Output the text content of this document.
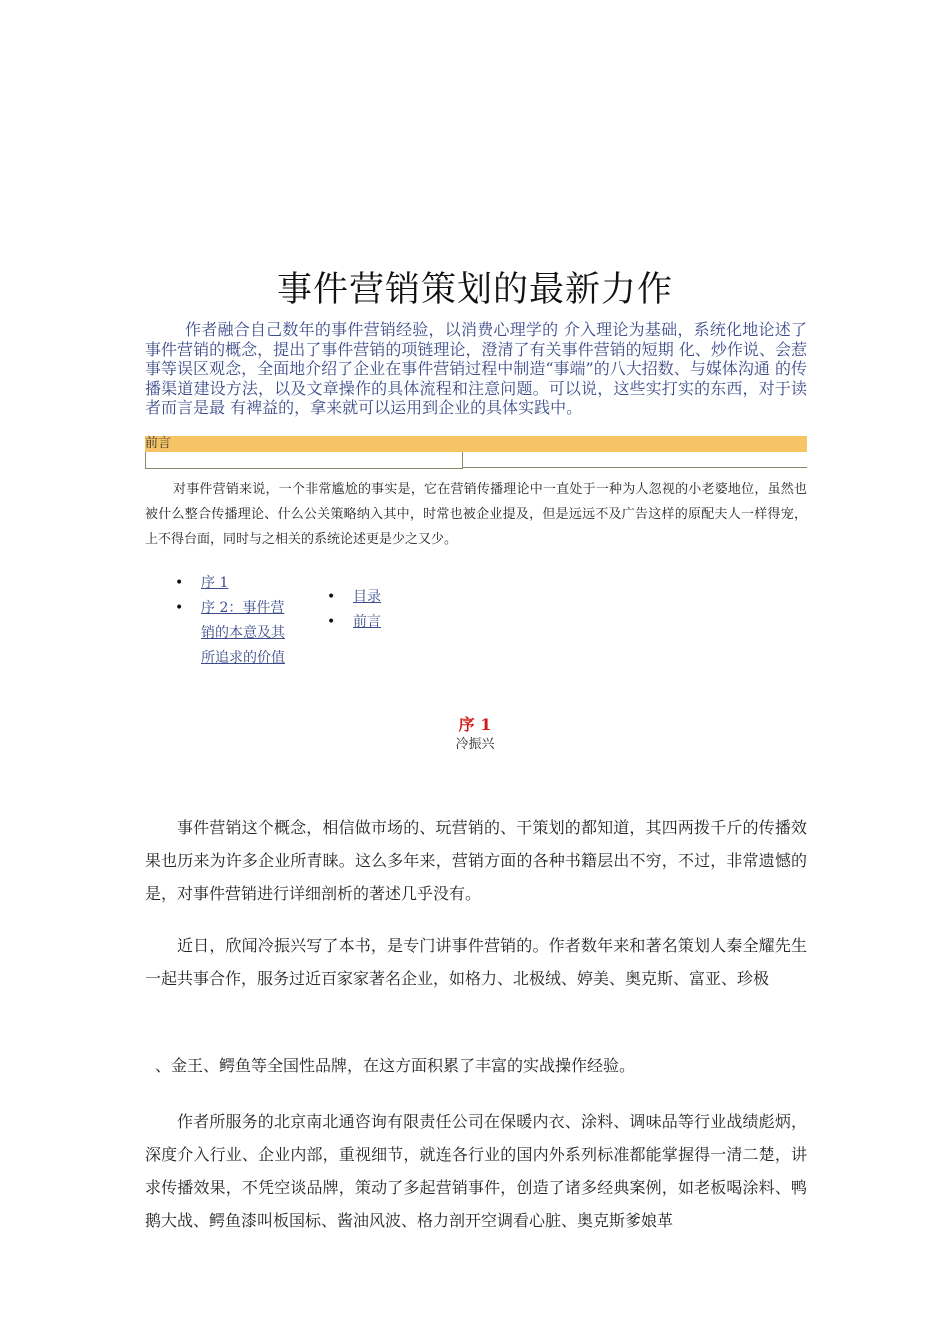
事件营销策划的最新力作
作者融合自己数年的事件营销经验，以消费心理学的 介入理论为基础，系统化地论述了事件营销的概念，提出了事件营销的项链理论，澄清了有关事件营销的短期 化、炒作说、会惹事等误区观念，全面地介绍了企业在事件营销过程中制造“事端”的八大招数、与媒体沟通 的传播渠道建设方法，以及文章操作的具体流程和注意问题。可以说，这些实打实的东西，对于读者而言是最 有裨益的，拿来就可以运用到企业的具体实践中。
前言
对事件营销来说，一个非常尴尬的事实是，它在营销传播理论中一直处于一种为人忽视的小老婆地位，虽然也被什么整合传播理论、什么公关策略纳入其中，时常也被企业提及，但是远远不及广告这样的原配夫人一样得宠，上不得台面，同时与之相关的系统论述更是少之又少。
• 序 1
• 序 2：事件营销的本意及其所追求的价值
• 目录
• 前言
序 1
冷振兴
事件营销这个概念，相信做市场的、玩营销的、干策划的都知道，其四两拨千斤的传播效果也历来为许多企业所青睐。这么多年来，营销方面的各种书籍层出不穷，不过，非常遗憾的是，对事件营销进行详细剖析的著述几乎没有。
近日，欣闻冷振兴写了本书，是专门讲事件营销的。作者数年来和著名策划人秦全耀先生一起共事合作，服务过近百家家著名企业，如格力、北极绒、婷美、奥克斯、富亚、珍极
、金王、鳄鱼等全国性品牌，在这方面积累了丰富的实战操作经验。
作者所服务的北京南北通咨询有限责任公司在保暖内衣、涂料、调味品等行业战绩彪炳，深度介入行业、企业内部，重视细节，就连各行业的国内外系列标准都能掌握得一清二楚，讲求传播效果，不凭空谈品牌，策动了多起营销事件，创造了诸多经典案例，如老板喝涂料、鸭鹅大战、鳄鱼漆叫板国标、酱油风波、格力剖开空调看心脏、奥克斯爹娘革
